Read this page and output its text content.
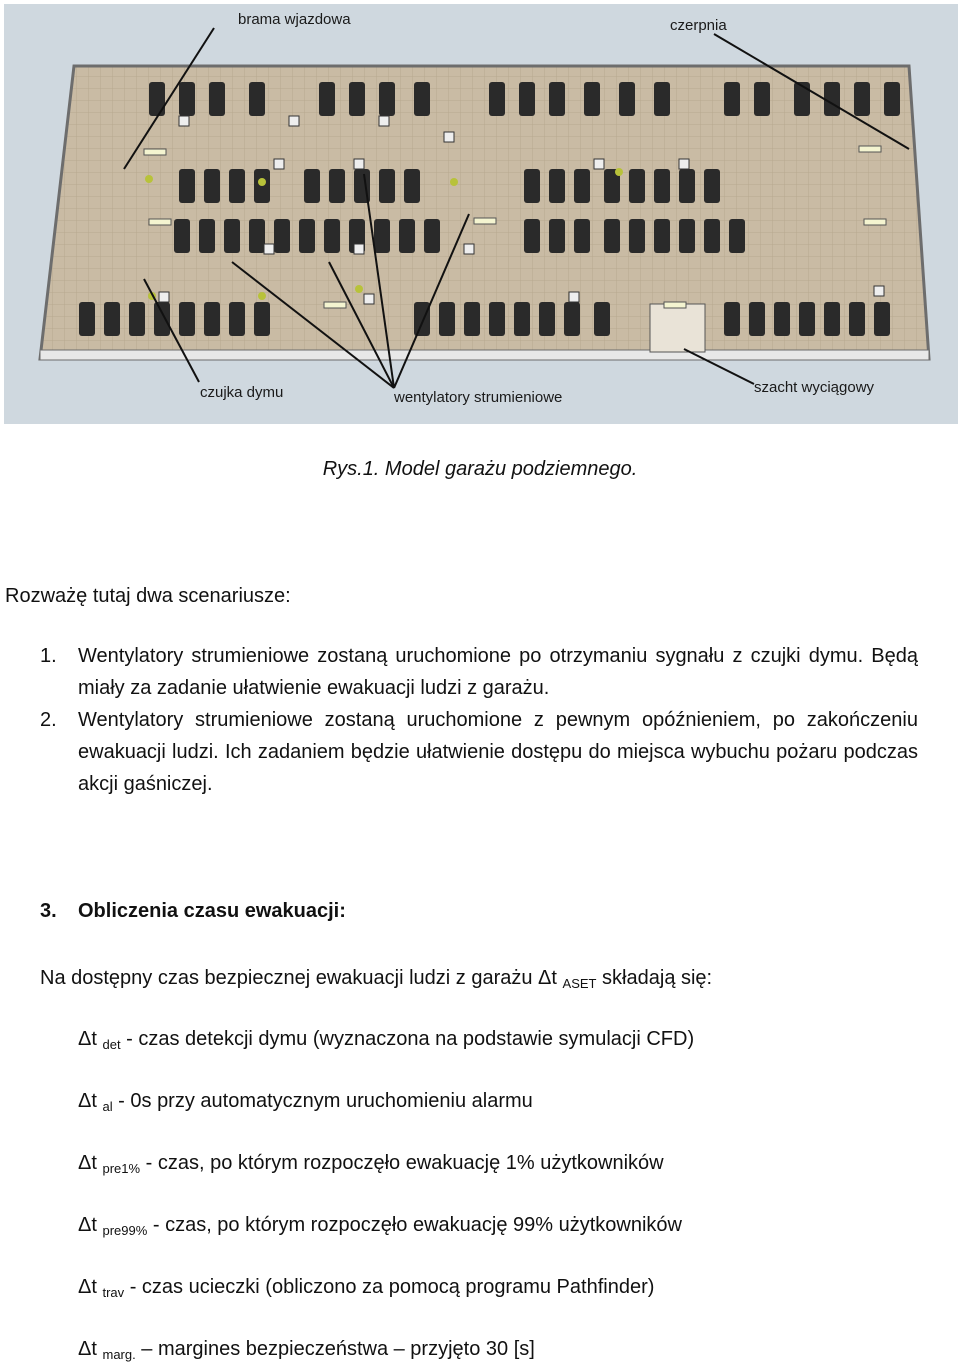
brama wjazdowa	czerpnia
czujka dymu	wentylatory strumieniowe
szacht wyciągowy
Rys.1. Model garażu podziemnego.
Rozważę tutaj dwa scenariusze:
1. Wentylatory strumieniowe zostaną uruchomione po otrzymaniu sygnału z czujki dymu. Będą miały za zadanie ułatwienie ewakuacji ludzi z garażu.
2. Wentylatory strumieniowe zostaną uruchomione z pewnym opóźnieniem, po zakończeniu ewakuacji ludzi. Ich zadaniem będzie ułatwienie dostępu do miejsca wybuchu pożaru podczas akcji gaśniczej.
3. Obliczenia czasu ewakuacji:
Na dostępny czas bezpiecznej ewakuacji ludzi z garażu Δt $_{ASET}$ składają się:
Δt $_{det}$ - czas detekcji dymu (wyznaczona na podstawie symulacji CFD)
Δt $_{al}$ - 0s przy automatycznym uruchomieniu alarmu
Δt $_{pre1\%}$ - czas, po którym rozpoczęło ewakuację 1% użytkowników
Δt $_{pre99\%}$ - czas, po którym rozpoczęło ewakuację 99% użytkowników
Δt $_{trav}$ - czas ucieczki (obliczono za pomocą programu Pathfinder)
Δt $_{marg.}$ – margines bezpieczeństwa – przyjęto 30 [s]
